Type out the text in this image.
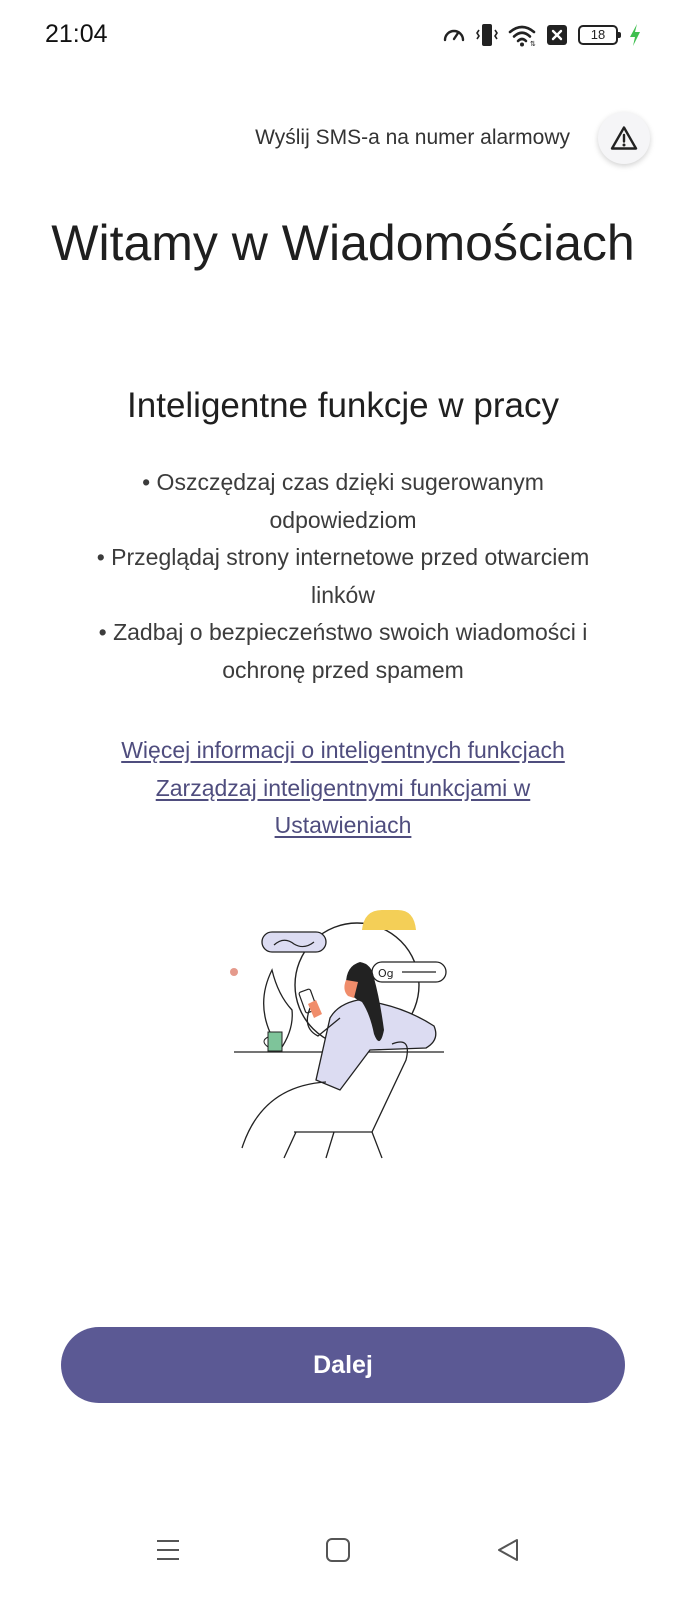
21:04	⇅
18
Wyślij SMS-a na numer alarmowy
Witamy w Wiadomościach
Inteligentne funkcje w pracy
• Oszczędzaj czas dzięki sugerowanym odpowiedziom
• Przeglądaj strony internetowe przed otwarciem linków
• Zadbaj o bezpieczeństwo swoich wiadomości i ochronę przed spamem
Więcej informacji o inteligentnych funkcjach
Zarządzaj inteligentnymi funkcjami w Ustawieniach
Og
Dalej
